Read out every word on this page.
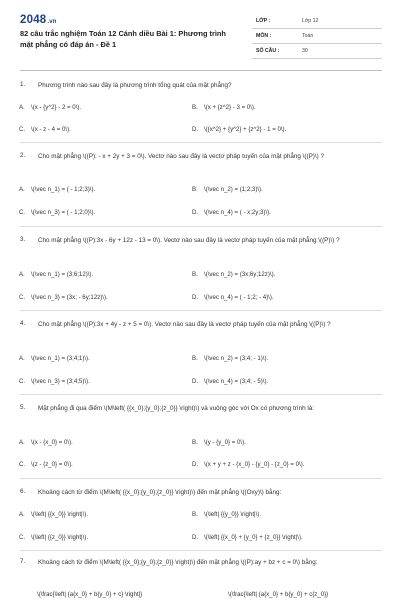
2048.vn
82 câu trắc nghiệm Toán 12 Cánh diều Bài 1: Phương trình mặt phẳng có đáp án - Đề 1
LỚP :	Lớp 12
MÔN :	Toán
SỐ CÂU :	30
1. Phương trình nào sau đây là phương trình tổng quát của mặt phẳng?
A. \(x - {y^2} - 2 = 0\).	B. \(x + {z^2} - 3 = 0\).
C. \(x - z - 4 = 0\).	D. \({x^2} + {y^2} + {z^2} - 1 = 0\).
2. Cho mặt phẳng \((P): - x + 2y + 3 = 0\). Vectơ nào sau đây là vectơ pháp tuyến của mặt phẳng \((P)\) ?
A. \(\vec n_1) = ( - 1;2;3)\).	B. \(\vec n_2) = (1;2;3)\).
C. \(\vec n_3) = ( - 1;2;0)\).	D. \(\vec n_4) = ( - x;2y;3)\).
3. Cho mặt phẳng \((P):3x - 6y + 12z - 13 = 0\). Vectơ nào sau đây là vectơ pháp tuyến của mặt phẳng \((P)\) ?
A. \(\vec n_1) = (3;6;12)\).	B. \(\vec n_2) = (3x;6y;12z)\).
C. \(\vec n_3) = (3x; - 6y;12z)\).	D. \(\vec n_4) = ( - 1;2; - 4)\).
4. Cho mặt phẳng \((P):3x + 4y - z + 5 = 0\). Vectơ nào sau đây là vectơ pháp tuyến của mặt phẳng \((P)\) ?
A. \(\vec n_1) = (3;4;1)\).	B. \(\vec n_2) = (3;4; - 1)\).
C. \(\vec n_3) = (3;4;5)\).	D. \(\vec n_4) = (3;4; - 5)\).
5. Mặt phẳng đi qua điểm \(M\left( {{x_0};{y_0};{z_0}} \right)\) và vuông góc với Ox có phương trình là:
A. \(x - {x_0} = 0\).	B. \(y - {y_0} = 0\).
C. \(z - {z_0} = 0\).	D. \(x + y + z - {x_0} - {y_0} - {z_0} = 0\).
6. Khoảng cách từ điểm \(M\left( {{x_0};{y_0};{z_0}} \right)\) đến mặt phẳng \((Oxy)\) bằng:
A. \(\left| {{x_0}} \right|\).	B. \(\left| {{y_0}} \right|\).
C. \(\left| {{z_0}} \right|\).	D. \(\left| {{x_0} + {y_0} + {z_0}} \right|\).
7. Khoảng cách từ điểm \(M\left( {{x_0};{y_0};{z_0}} \right)\) đến mặt phẳng \((P):ay + bz + c = 0\) bằng:
\(\frac{\left| {a{x_0} + b{y_0} + c} \right|}	\(\frac{\left| {a{x_0} + b{y_0} + c{z_0}}
